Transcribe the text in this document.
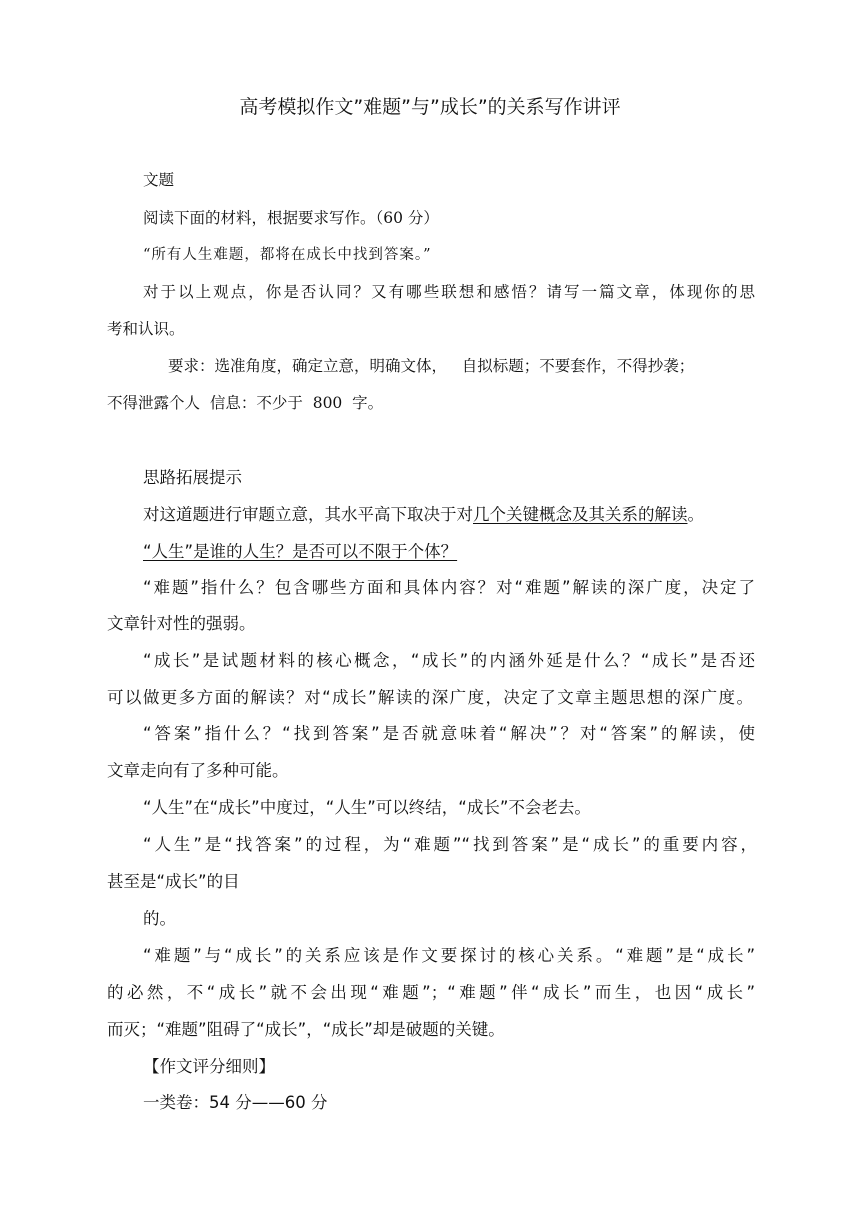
高考模拟作文”难题”与”成长”的关系写作讲评

文题

阅读下面的材料，根据要求写作。（60 分）

“所有人生难题，都将在成长中找到答案。”

对于以上观点，你是否认同？又有哪些联想和感悟？请写一篇文章，体现你的思

考和认识。

要求：选准角度，确定立意，明确文体，   自拟标题；不要套作，不得抄袭；

不得泄露个人  信息：不少于  800  字。

思路拓展提示

对这道题进行审题立意，其水平高下取决于对几个关键概念及其关系的解读。

“人生”是谁的人生？是否可以不限于个体？

“难题”指什么？包含哪些方面和具体内容？对“难题”解读的深广度，决定了

文章针对性的强弱。

“成长”是试题材料的核心概念，“成长”的内涵外延是什么？“成长”是否还

可以做更多方面的解读？对“成长”解读的深广度，决定了文章主题思想的深广度。

“答案”指什么？“找到答案”是否就意味着“解决”？对“答案”的解读，使

文章走向有了多种可能。

“人生”在“成长”中度过，“人生”可以终结，“成长”不会老去。

“人生”是“找答案”的过程，为“难题”“找到答案”是“成长”的重要内容，

甚至是“成长”的目

的。

“难题”与“成长”的关系应该是作文要探讨的核心关系。“难题”是“成长”

的必然，不“成长”就不会出现“难题”；“难题”伴“成长”而生，也因“成长”

而灭；“难题”阻碍了“成长”，“成长”却是破题的关键。

【作文评分细则】

一类卷：54 分——60 分
